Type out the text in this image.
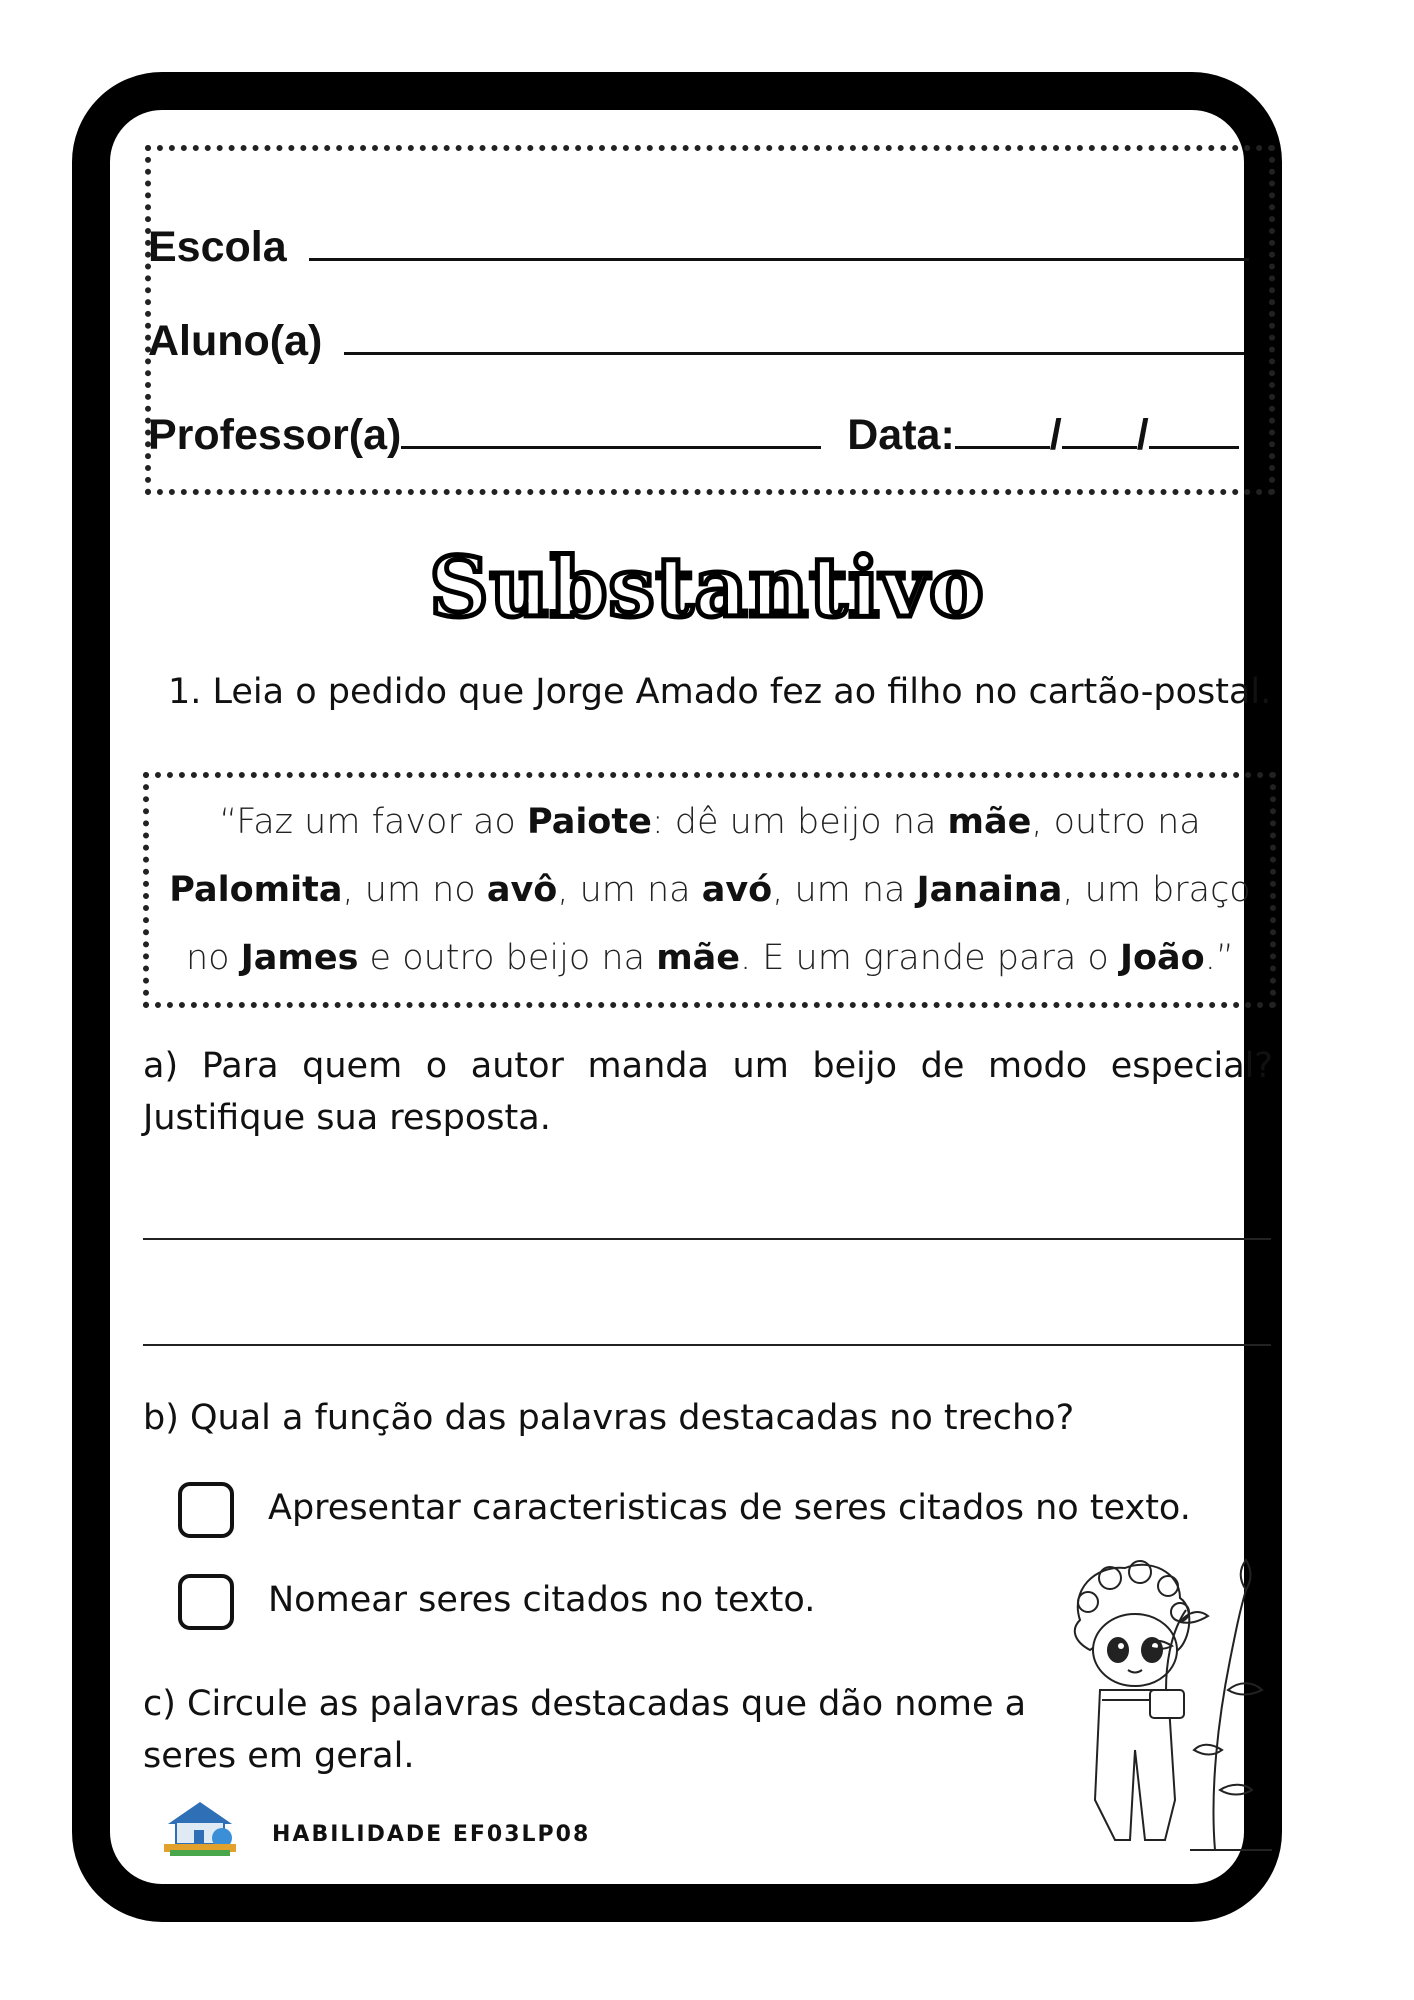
Escola
Aluno(a)
Professor(a)	Data: / /
Substantivo
1. Leia o pedido que Jorge Amado fez ao filho no cartão-postal.
“Faz um favor ao Paiote: dê um beijo na mãe, outro na Palomita, um no avô, um na avó, um na Janaina, um braço no James e outro beijo na mãe. E um grande para o João.”
a) Para quem o autor manda um beijo de modo especial? Justifique sua resposta.
b) Qual a função das palavras destacadas no trecho?
Apresentar caracteristicas de seres citados no texto.
Nomear seres citados no texto.
c) Circule as palavras destacadas que dão nome a seres em geral.
HABILIDADE EF03LP08
